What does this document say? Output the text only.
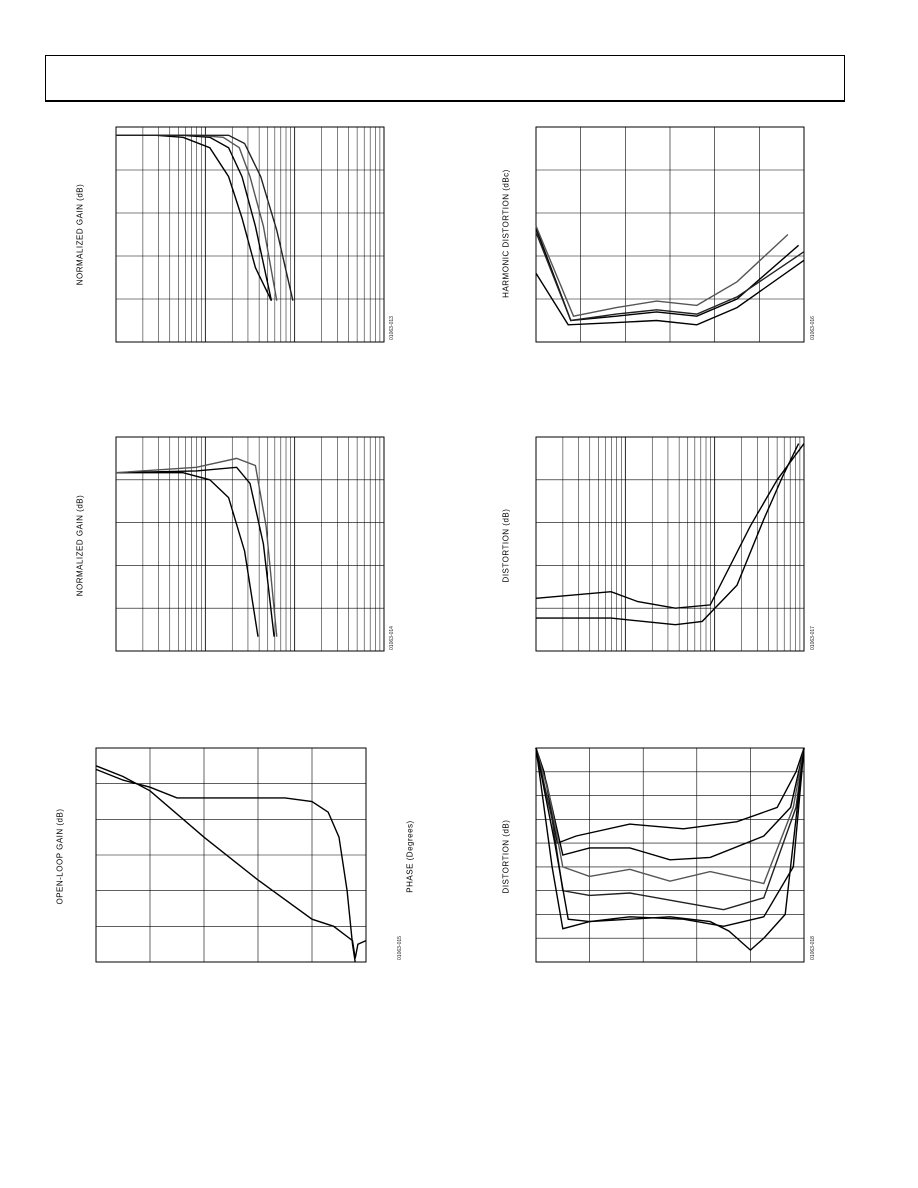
NORMALIZED GAIN (dB)
01063-013
HARMONIC DISTORTION (dBc)
01063-016
NORMALIZED GAIN (dB)
01063-014
DISTORTION (dB)
01063-017
OPEN-LOOP GAIN (dB)	PHASE (Degrees)
01063-015
DISTORTION (dB)
01063-018
